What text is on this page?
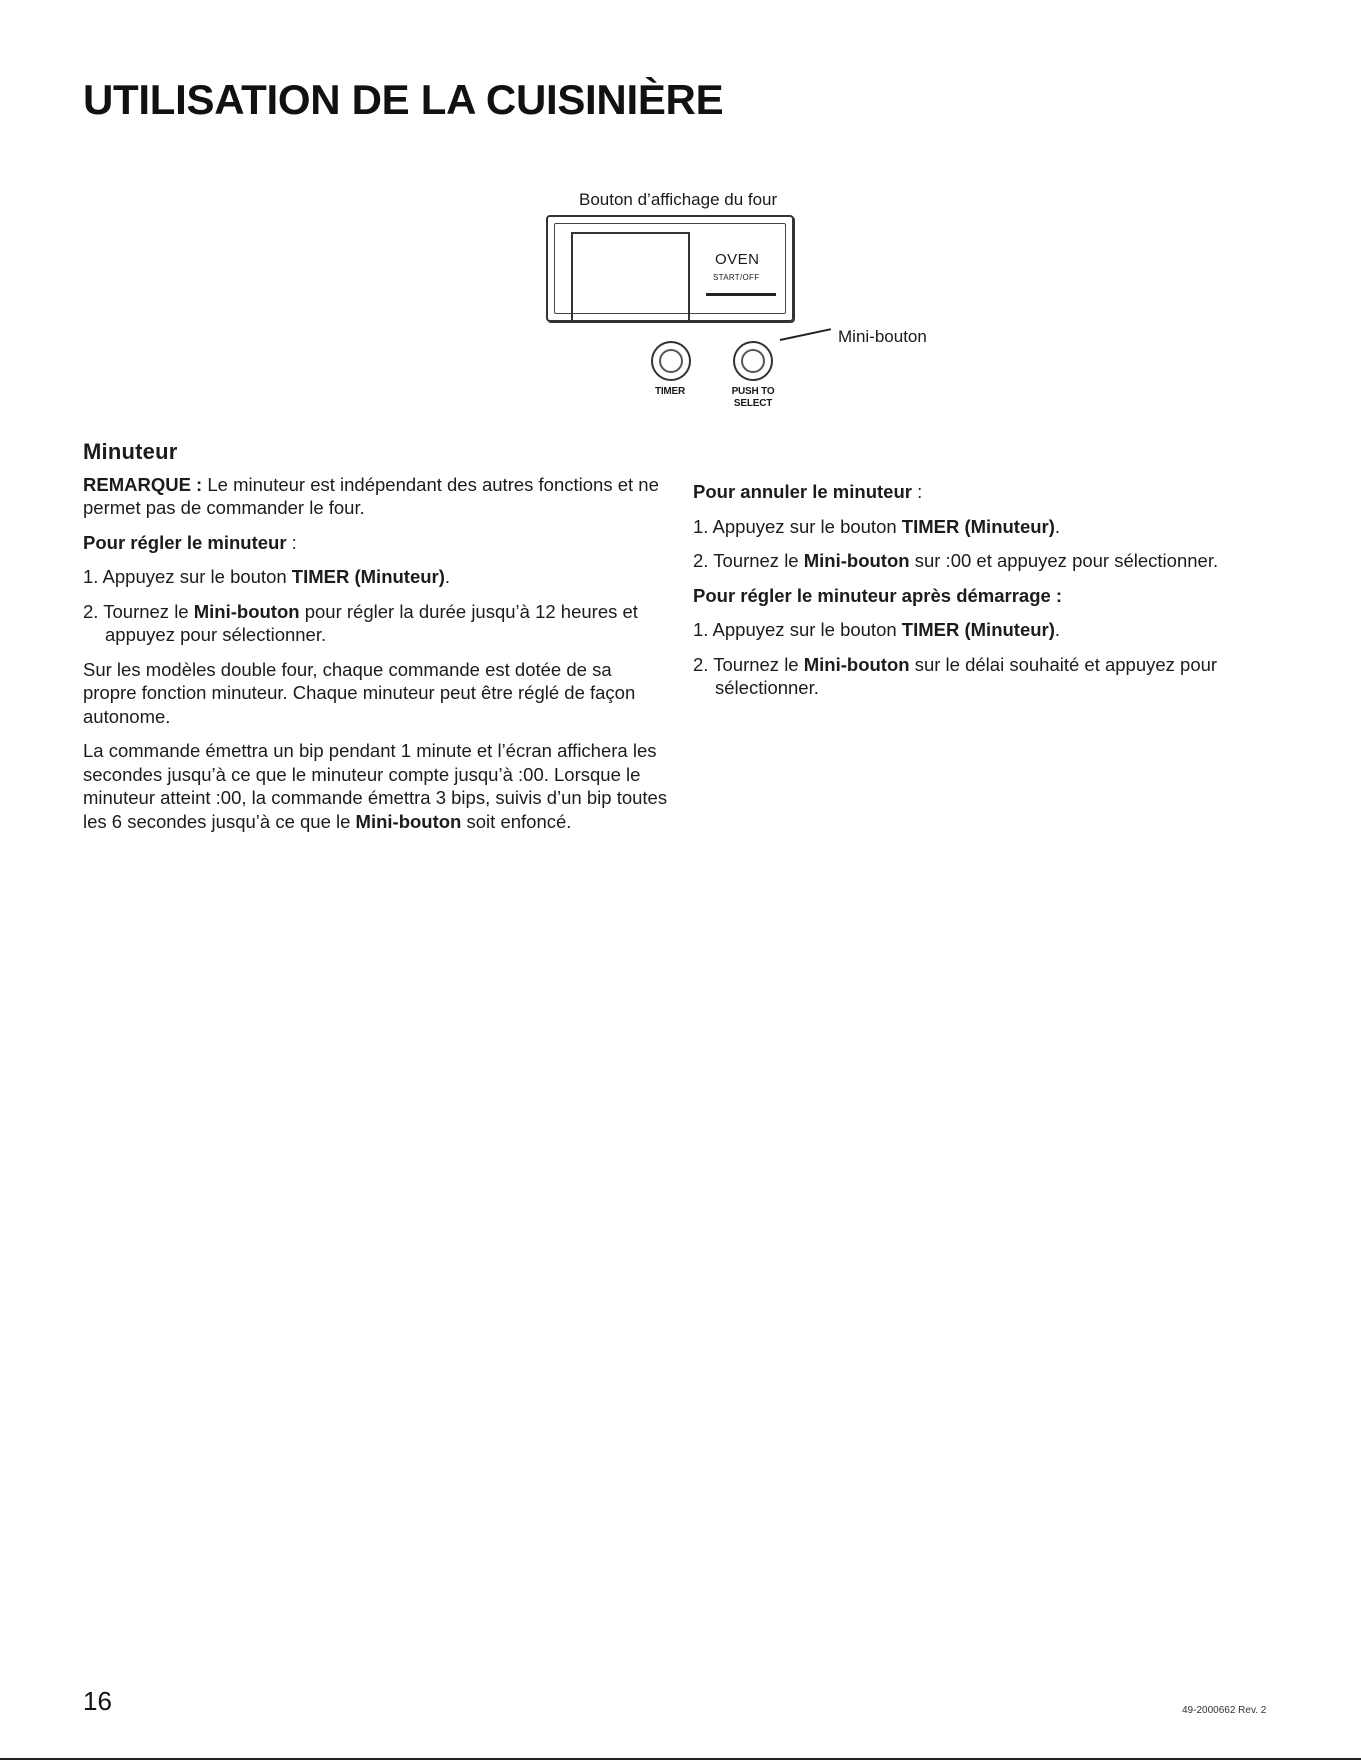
UTILISATION DE LA CUISINIÈRE
Bouton d’affichage du four
OVEN
START/OFF
TIMER	PUSH TO
SELECT
Mini-bouton
Minuteur

REMARQUE : Le minuteur est indépendant des autres fonctions et ne permet pas de commander le four.

Pour régler le minuteur :

1. Appuyez sur le bouton TIMER (Minuteur).

2. Tournez le Mini-bouton pour régler la durée jusqu’à 12 heures et appuyez pour sélectionner.

Sur les modèles double four, chaque commande est dotée de sa propre fonction minuteur. Chaque minuteur peut être réglé de façon autonome.

La commande émettra un bip pendant 1 minute et l’écran affichera les secondes jusqu’à ce que le minuteur compte jusqu’à :00. Lorsque le minuteur atteint :00, la commande émettra 3 bips, suivis d’un bip toutes les 6 secondes jusqu’à ce que le Mini-bouton soit enfoncé.

Pour annuler le minuteur :

1. Appuyez sur le bouton TIMER (Minuteur).

2. Tournez le Mini-bouton sur :00 et appuyez pour sélectionner.

Pour régler le minuteur après démarrage :

1. Appuyez sur le bouton TIMER (Minuteur).

2. Tournez le Mini-bouton sur le délai souhaité et appuyez pour sélectionner.

16	49-2000662 Rev. 2
